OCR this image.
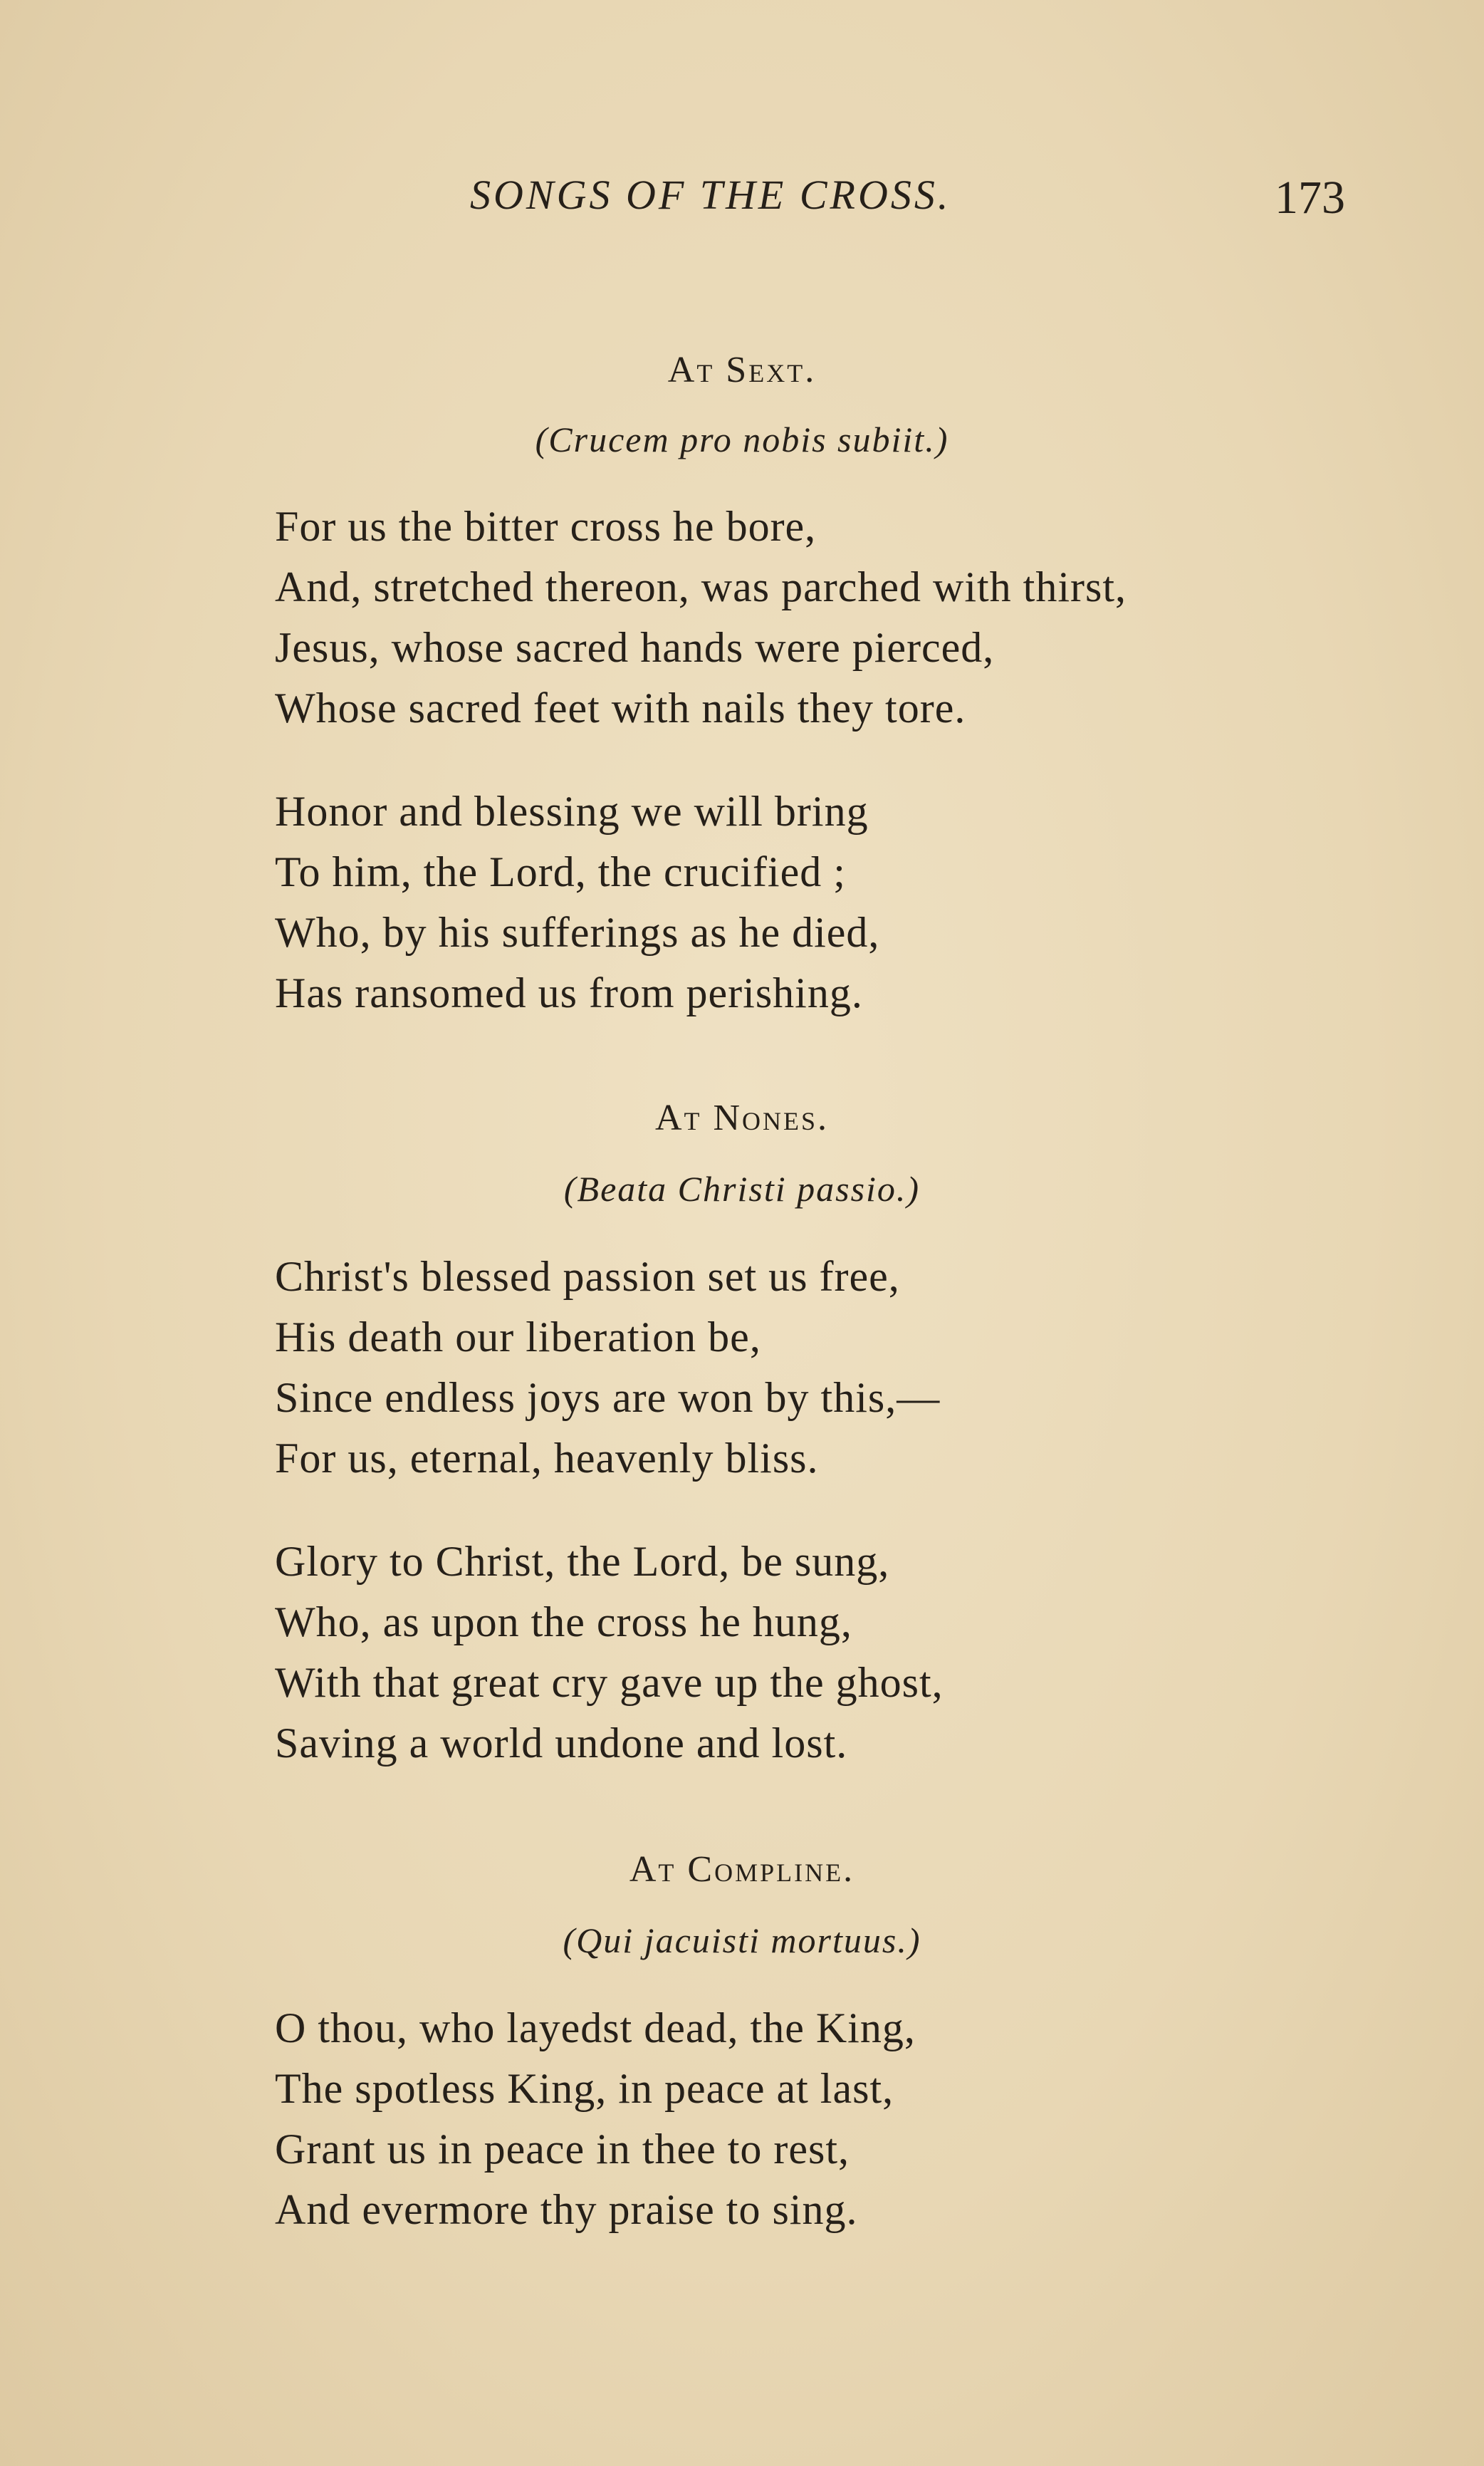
SONGS OF THE CROSS.	173
At Sext.
(Crucem pro nobis subiit.)
For us the bitter cross he bore,
And, stretched thereon, was parched with thirst,
Jesus, whose sacred hands were pierced,
Whose sacred feet with nails they tore.
Honor and blessing we will bring
To him, the Lord, the crucified ;
Who, by his sufferings as he died,
Has ransomed us from perishing.
At Nones.
(Beata Christi passio.)
Christ's blessed passion set us free,
His death our liberation be,
Since endless joys are won by this,—
For us, eternal, heavenly bliss.
Glory to Christ, the Lord, be sung,
Who, as upon the cross he hung,
With that great cry gave up the ghost,
Saving a world undone and lost.
At Compline.
(Qui jacuisti mortuus.)
O thou, who layedst dead, the King,
The spotless King, in peace at last,
Grant us in peace in thee to rest,
And evermore thy praise to sing.
